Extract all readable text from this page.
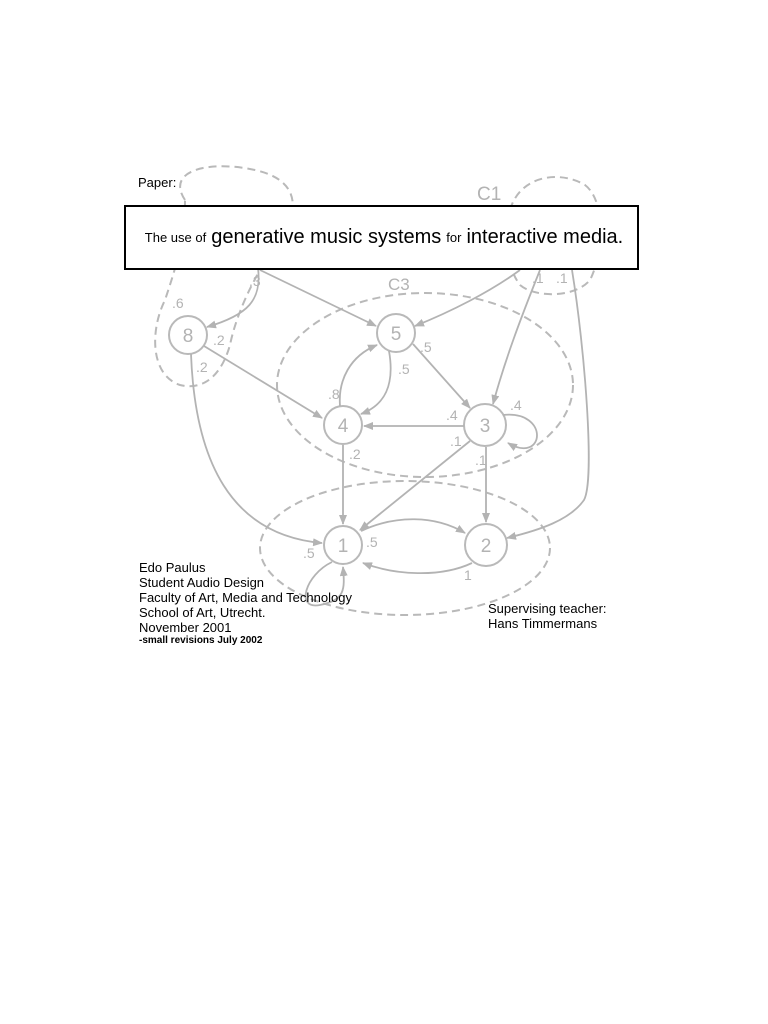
8	5
4	3
1	2
C1
C3
.3
.6
.2
.2
.5
.5
.8
.2
.4
.4
.1
.1
.5
.5
1
.1 .1
Paper:
The use of generative music systems for interactive media.
Edo Paulus
Student Audio Design
Faculty of Art, Media and Technology
School of Art, Utrecht.
November 2001
-small revisions July 2002
Supervising teacher:
Hans Timmermans
